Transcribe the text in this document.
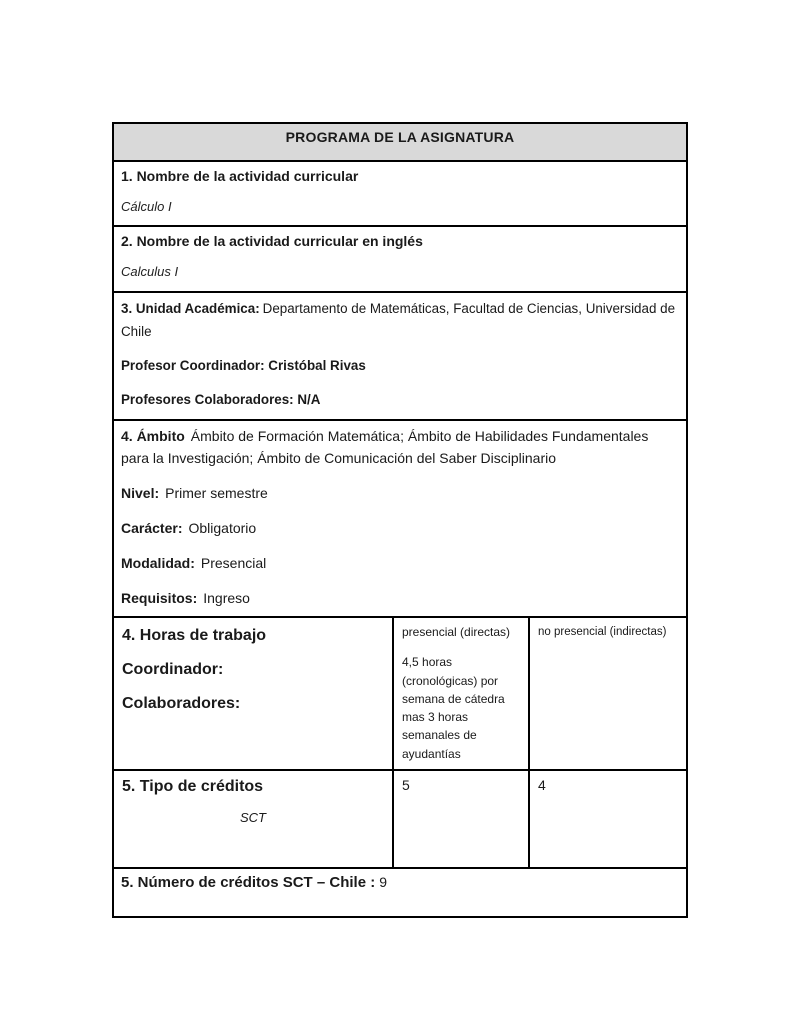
PROGRAMA DE LA ASIGNATURA

1. Nombre de la actividad curricular

Cálculo I

2. Nombre de la actividad curricular en inglés

Calculus I

3. Unidad Académica: Departamento de Matemáticas, Facultad de Ciencias, Universidad de Chile

Profesor Coordinador: Cristóbal Rivas

Profesores Colaboradores: N/A

4. Ámbito Ámbito de Formación Matemática; Ámbito de Habilidades Fundamentales para la Investigación; Ámbito de Comunicación del Saber Disciplinario

Nivel: Primer semestre

Carácter: Obligatorio

Modalidad: Presencial

Requisitos: Ingreso

4. Horas de trabajo

Coordinador:

Colaboradores:

presencial (directas)

4,5 horas (cronológicas) por semana de cátedra mas 3 horas semanales de ayudantías

no presencial (indirectas)

5. Tipo de créditos

SCT

5	4

5. Número de créditos SCT – Chile : 9
